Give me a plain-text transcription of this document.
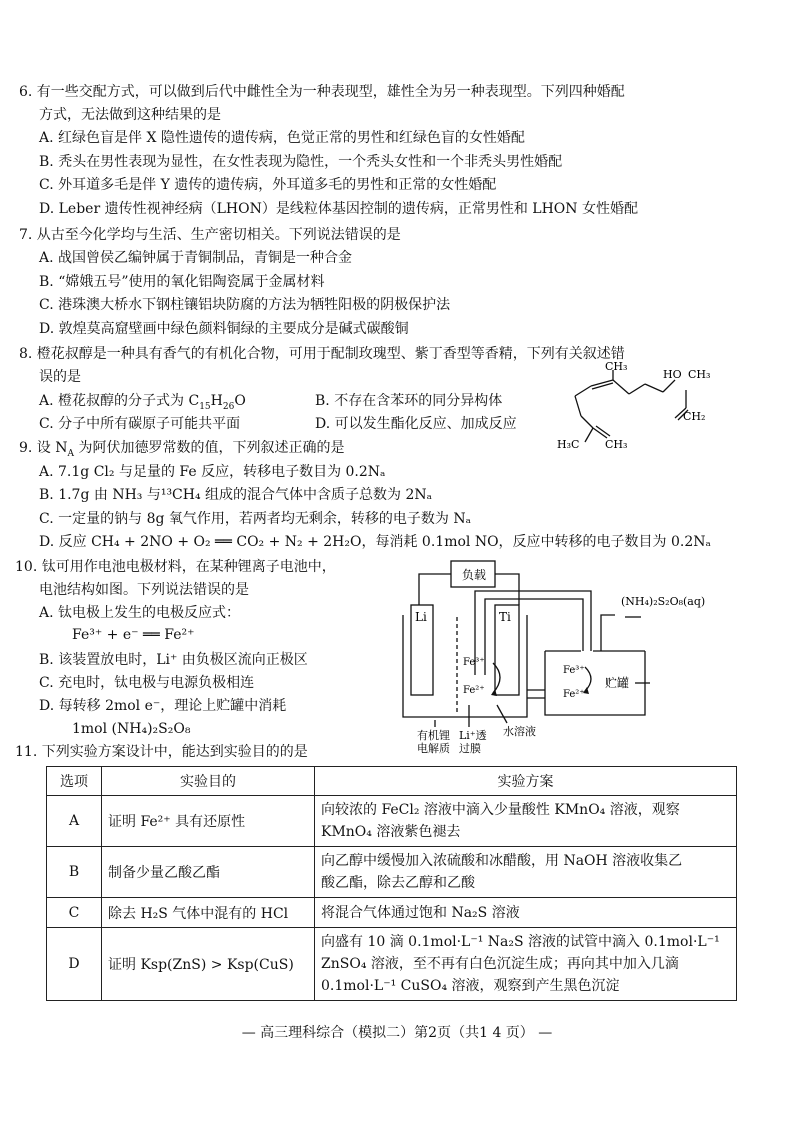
6. 有一些交配方式，可以做到后代中雌性全为一种表现型，雄性全为另一种表现型。下列四种婚配
方式，无法做到这种结果的是
A. 红绿色盲是伴 X 隐性遗传的遗传病，色觉正常的男性和红绿色盲的女性婚配
B. 秃头在男性表现为显性，在女性表现为隐性，一个秃头女性和一个非秃头男性婚配
C. 外耳道多毛是伴 Y 遗传的遗传病，外耳道多毛的男性和正常的女性婚配
D. Leber 遗传性视神经病（LHON）是线粒体基因控制的遗传病，正常男性和 LHON 女性婚配
7. 从古至今化学均与生活、生产密切相关。下列说法错误的是
A. 战国曾侯乙编钟属于青铜制品，青铜是一种合金
B. “嫦娥五号”使用的氧化铝陶瓷属于金属材料
C. 港珠澳大桥水下钢柱镶铝块防腐的方法为牺牲阳极的阴极保护法
D. 敦煌莫高窟壁画中绿色颜料铜绿的主要成分是碱式碳酸铜
8. 橙花叔醇是一种具有香气的有机化合物，可用于配制玫瑰型、紫丁香型等香精，下列有关叙述错
误的是
A. 橙花叔醇的分子式为 $C_{15}H_{26}O$	B. 不存在含苯环的同分异构体
C. 分子中所有碳原子可能共平面	D. 可以发生酯化反应、加成反应
CH₃
HO CH₃
CH₂
H₃C CH₃
9. 设 $N_A$ 为阿伏加德罗常数的值，下列叙述正确的是
A. 7.1g Cl₂ 与足量的 Fe 反应，转移电子数目为 0.2Nₐ
B. 1.7g 由 NH₃ 与¹³CH₄ 组成的混合气体中含质子总数为 2Nₐ
C. 一定量的钠与 8g 氧气作用，若两者均无剩余，转移的电子数为 Nₐ
D. 反应 CH₄ + 2NO + O₂ ══ CO₂ + N₂ + 2H₂O，每消耗 0.1mol NO，反应中转移的电子数目为 0.2Nₐ
10. 钛可用作电池电极材料，在某种锂离子电池中，
电池结构如图。下列说法错误的是
A. 钛电极上发生的电极反应式：
Fe³⁺ + e⁻ ══ Fe²⁺
B. 该装置放电时，Li⁺ 由负极区流向正极区
C. 充电时，钛电极与电源负极相连
D. 每转移 2mol e⁻，理论上贮罐中消耗
1mol (NH₄)₂S₂O₈
负载
Li	Ti
(NH₄)₂S₂O₈(aq)
Fe³⁺
Fe²⁺
Fe³⁺
Fe²⁺
贮罐
有机锂
电解质
Li⁺透
过膜
水溶液
11. 下列实验方案设计中，能达到实验目的的是
选项	实验目的	实验方案
A	证明 Fe²⁺ 具有还原性	向较浓的 FeCl₂ 溶液中滴入少量酸性 KMnO₄ 溶液，观察
KMnO₄ 溶液紫色褪去

B	制备少量乙酸乙酯	向乙醇中缓慢加入浓硫酸和冰醋酸，用 NaOH 溶液收集乙
酸乙酯，除去乙醇和乙酸

C	除去 H₂S 气体中混有的 HCl	将混合气体通过饱和 Na₂S 溶液
D	证明 Ksp(ZnS) > Ksp(CuS)	向盛有 10 滴 0.1mol·L⁻¹ Na₂S 溶液的试管中滴入 0.1mol·L⁻¹
ZnSO₄ 溶液，至不再有白色沉淀生成；再向其中加入几滴
0.1mol·L⁻¹ CuSO₄ 溶液，观察到产生黑色沉淀
— 高三理科综合（模拟二）第2页（共1 4 页） —
